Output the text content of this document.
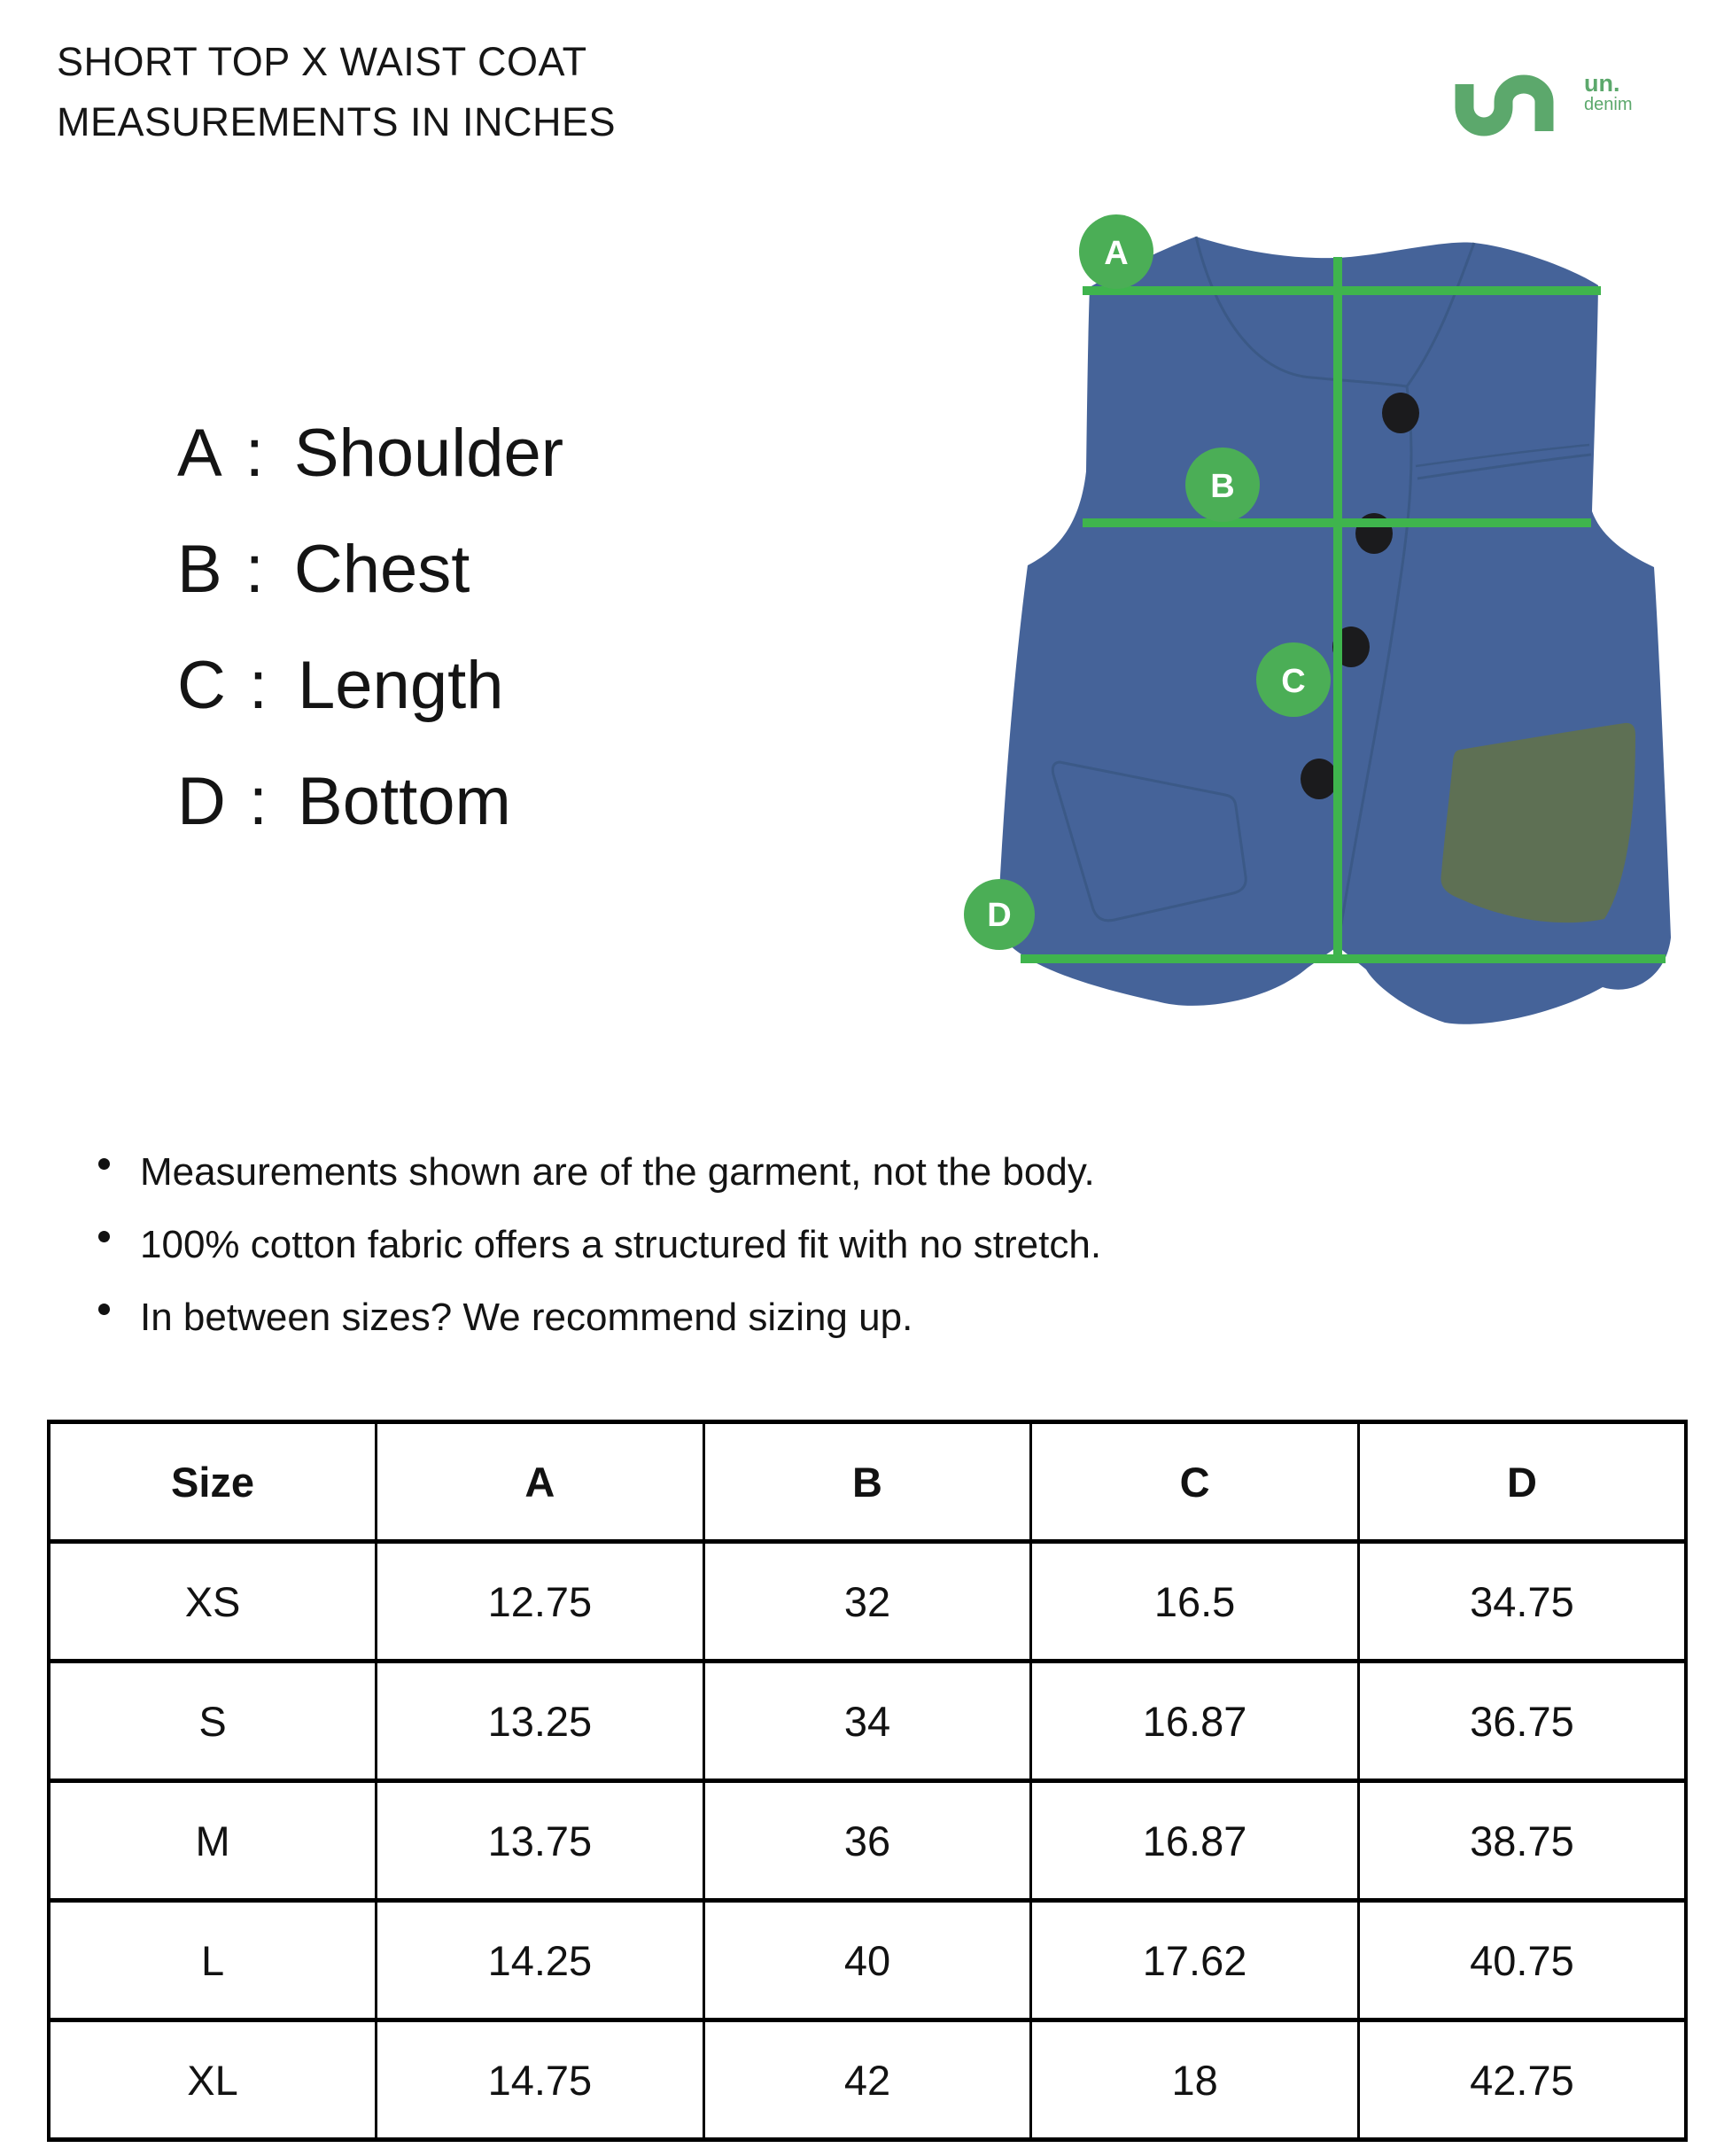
SHORT TOP X WAIST COAT
MEASUREMENTS IN INCHES
un.
denim
A : Shoulder
B : Chest
C : Length
D : Bottom
A
B
C
D
Measurements shown are of the garment, not the body.
100% cotton fabric offers a structured fit with no stretch.
In between sizes? We recommend sizing up.
Size	A	B	C	D
XS	12.75	32	16.5	34.75
S	13.25	34	16.87	36.75
M	13.75	36	16.87	38.75
L	14.25	40	17.62	40.75
XL	14.75	42	18	42.75
